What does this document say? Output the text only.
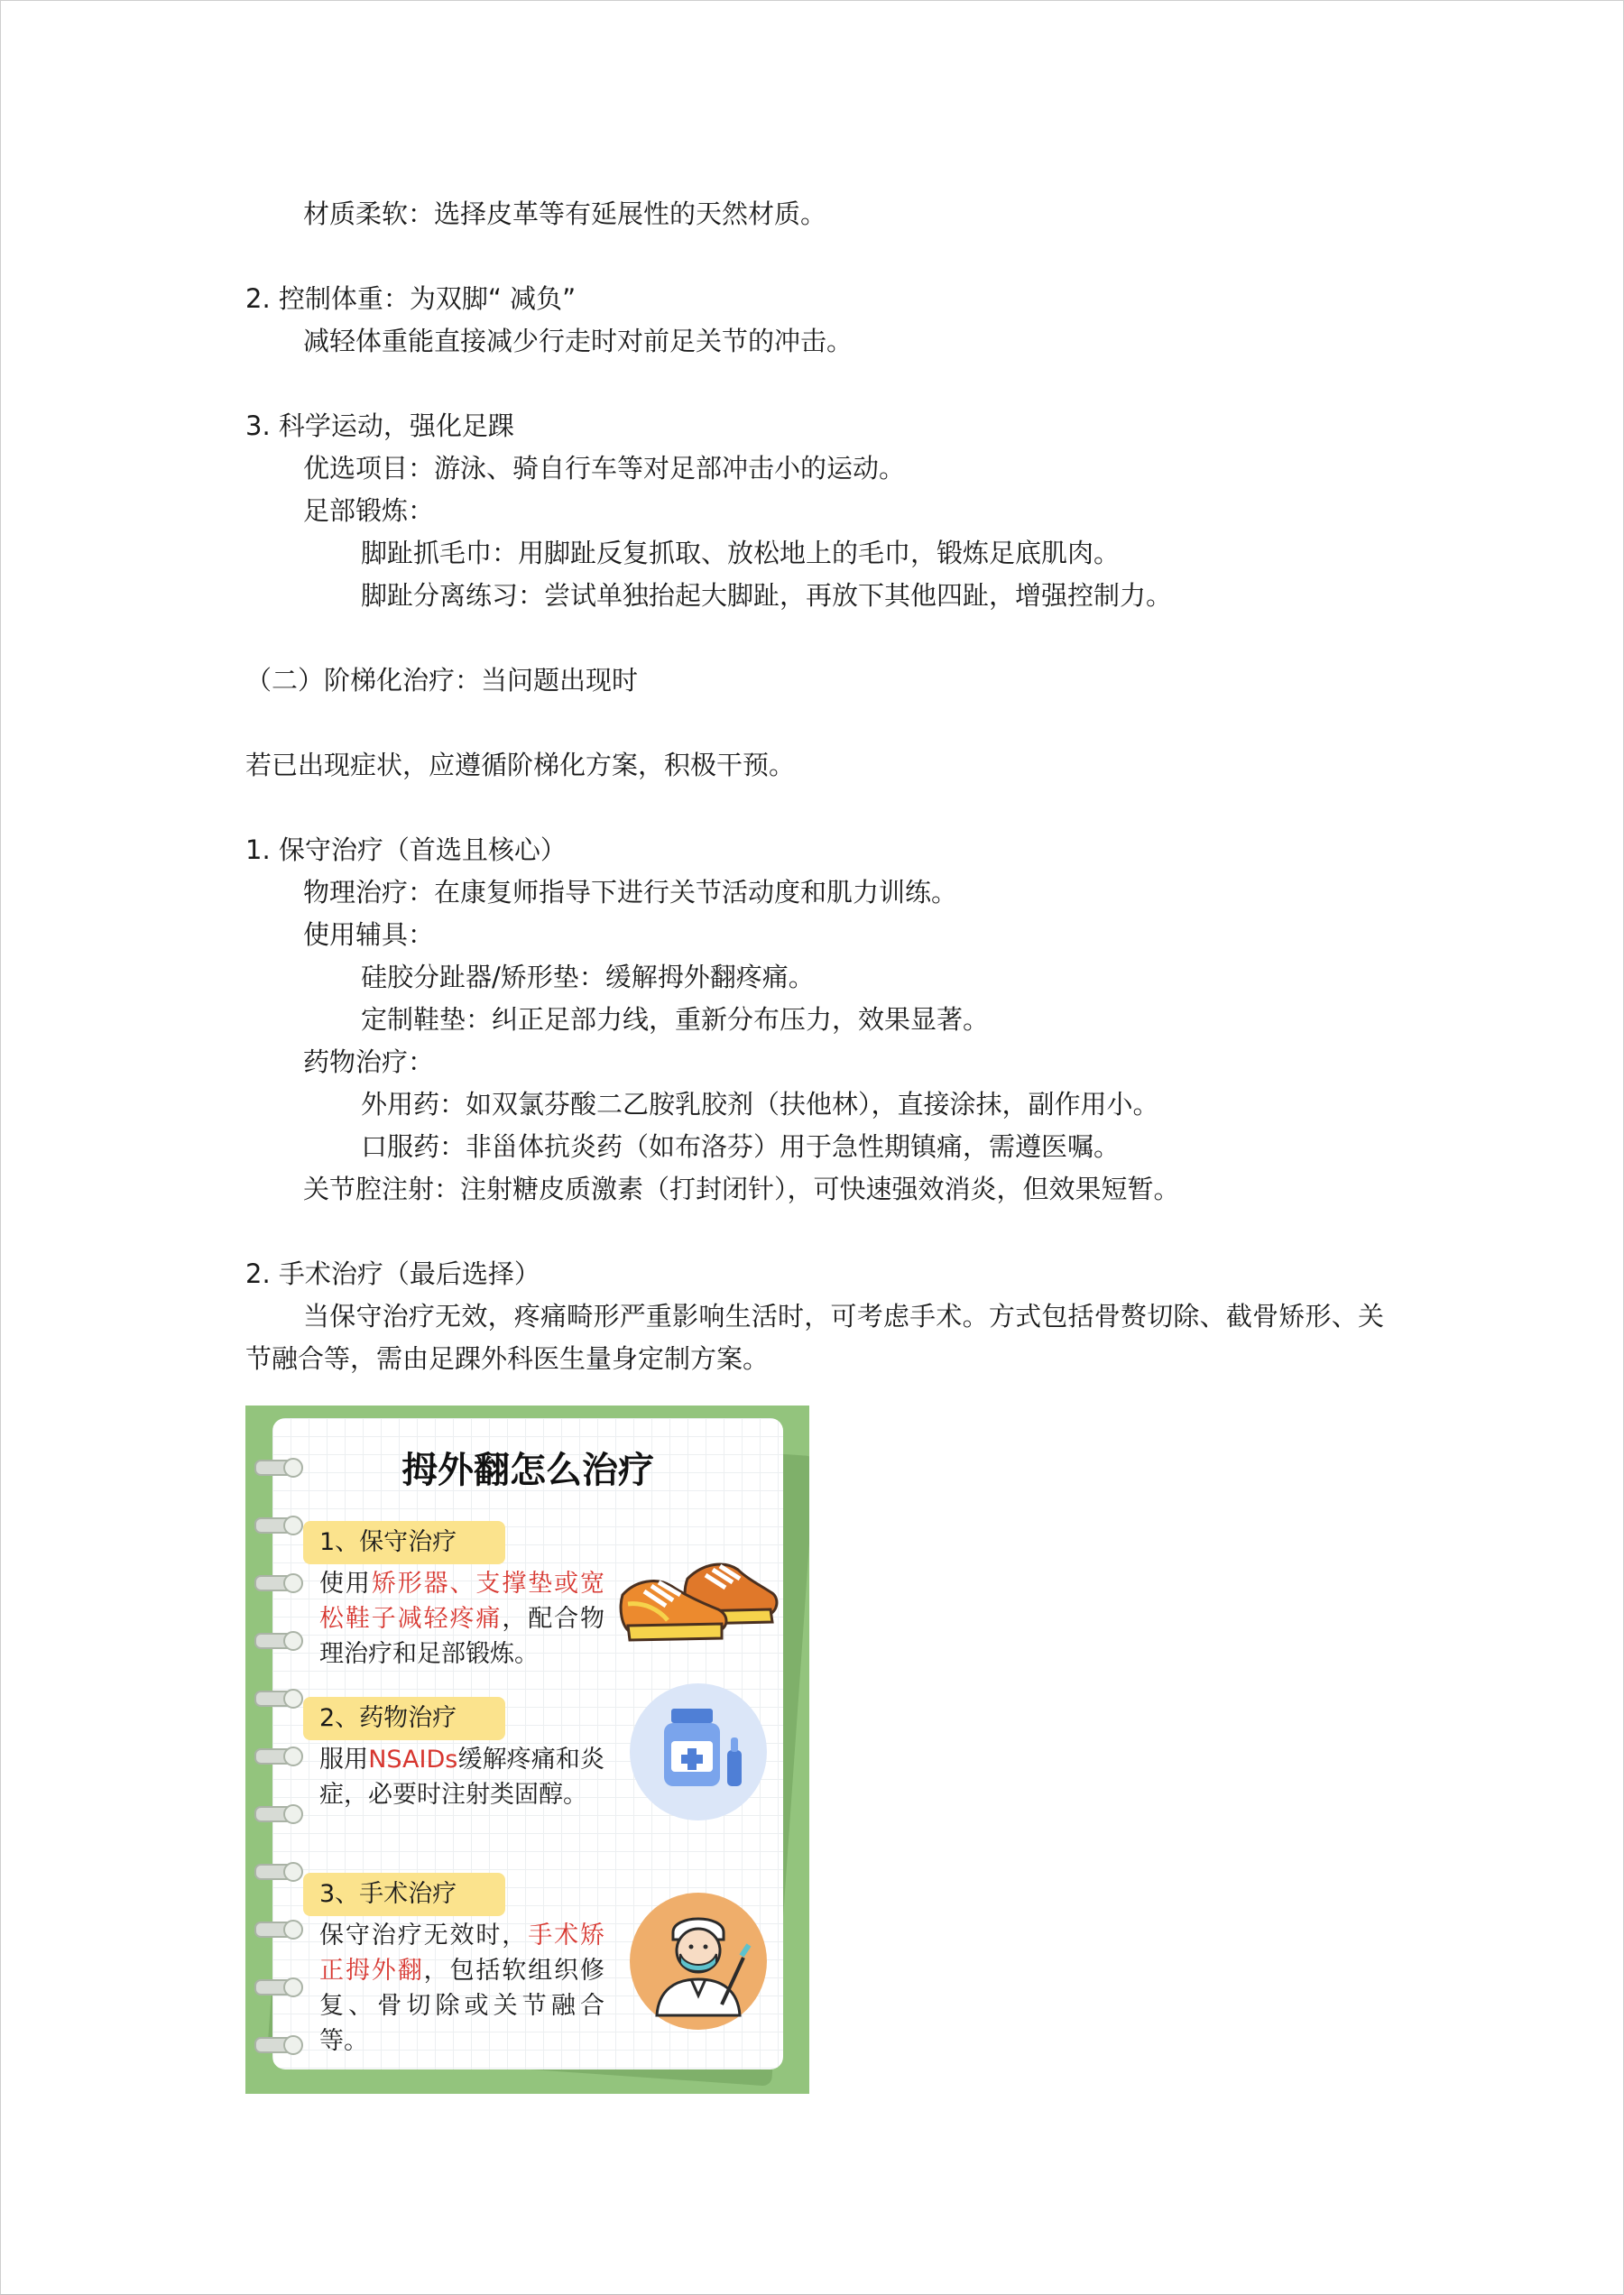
材质柔软：选择皮革等有延展性的天然材质。
2. 控制体重：为双脚“ 减负”
减轻体重能直接减少行走时对前足关节的冲击。
3. 科学运动，强化足踝
优选项目：游泳、骑自行车等对足部冲击小的运动。
足部锻炼：
脚趾抓毛巾：用脚趾反复抓取、放松地上的毛巾，锻炼足底肌肉。
脚趾分离练习：尝试单独抬起大脚趾，再放下其他四趾，增强控制力。
（二）阶梯化治疗：当问题出现时
若已出现症状，应遵循阶梯化方案，积极干预。
1. 保守治疗（首选且核心）
物理治疗：在康复师指导下进行关节活动度和肌力训练。
使用辅具：
硅胶分趾器/矫形垫：缓解拇外翻疼痛。
定制鞋垫：纠正足部力线，重新分布压力，效果显著。
药物治疗：
外用药：如双氯芬酸二乙胺乳胶剂（扶他林），直接涂抹，副作用小。
口服药：非甾体抗炎药（如布洛芬）用于急性期镇痛，需遵医嘱。
关节腔注射：注射糖皮质激素（打封闭针），可快速强效消炎，但效果短暂。
2. 手术治疗（最后选择）
当保守治疗无效，疼痛畸形严重影响生活时，可考虑手术。方式包括骨赘切除、截骨矫形、关节融合等，需由足踝外科医生量身定制方案。
拇外翻怎么治疗
1、保守治疗
使用矫形器、支撑垫或宽松鞋子减轻疼痛，配合物理治疗和足部锻炼。
2、药物治疗
服用NSAIDs缓解疼痛和炎症，必要时注射类固醇。
3、手术治疗
保守治疗无效时，手术矫正拇外翻，包括软组织修复、骨切除或关节融合等。
